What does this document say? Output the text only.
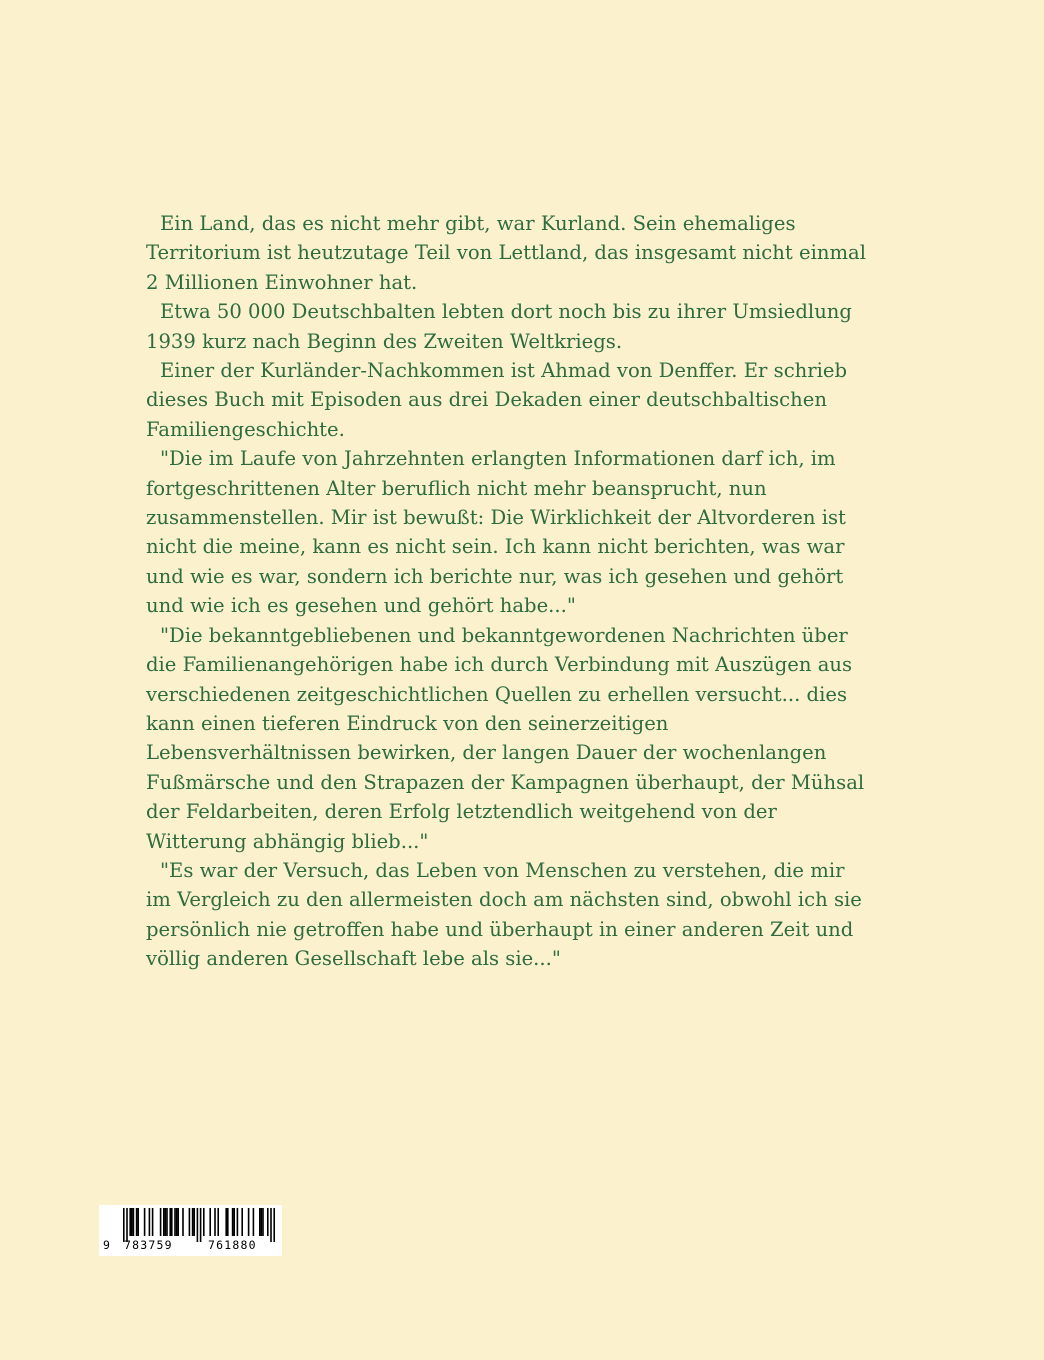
Ein Land, das es nicht mehr gibt, war Kurland. Sein ehemaliges Territorium ist heutzutage Teil von Lettland, das insgesamt nicht einmal 2 Millionen Einwohner hat.

Etwa 50 000 Deutschbalten lebten dort noch bis zu ihrer Umsiedlung 1939 kurz nach Beginn des Zweiten Weltkriegs.

Einer der Kurländer-Nachkommen ist Ahmad von Denffer. Er schrieb dieses Buch mit Episoden aus drei Dekaden einer deutschbaltischen Familiengeschichte.

"Die im Laufe von Jahrzehnten erlangten Informationen darf ich, im fortgeschrittenen Alter beruflich nicht mehr beansprucht, nun zusammenstellen. Mir ist bewußt: Die Wirklichkeit der Altvorderen ist nicht die meine, kann es nicht sein. Ich kann nicht berichten, was war und wie es war, sondern ich berichte nur, was ich gesehen und gehört und wie ich es gesehen und gehört habe..."

"Die bekanntgebliebenen und bekanntgewordenen Nachrichten über die Familienangehörigen habe ich durch Verbindung mit Auszügen aus verschiedenen zeitgeschichtlichen Quellen zu erhellen versucht... dies kann einen tieferen Eindruck von den seinerzeitigen Lebensverhältnissen bewirken, der langen Dauer der wochenlangen Fußmärsche und den Strapazen der Kampagnen überhaupt, der Mühsal der Feldarbeiten, deren Erfolg letztendlich weitgehend von der Witterung abhängig blieb..."

"Es war der Versuch, das Leben von Menschen zu verstehen, die mir im Vergleich zu den allermeisten doch am nächsten sind, obwohl ich sie persönlich nie getroffen habe und überhaupt in einer anderen Zeit und völlig anderen Gesellschaft lebe als sie..."

9 783759	761880
